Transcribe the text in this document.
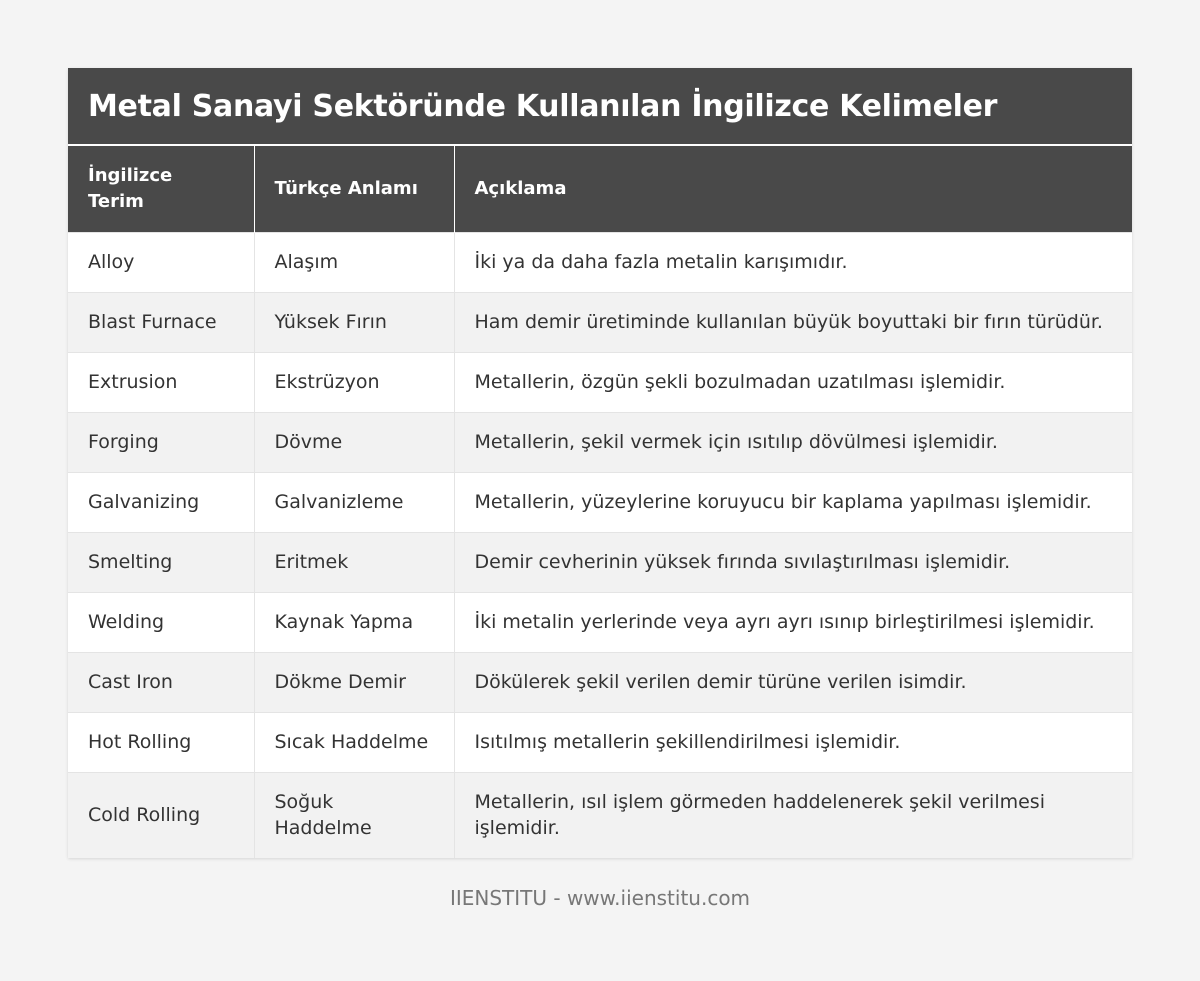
Metal Sanayi Sektöründe Kullanılan İngilizce Kelimeler
İngilizce Terim	Türkçe Anlamı	Açıklama
Alloy	Alaşım	İki ya da daha fazla metalin karışımıdır.
Blast Furnace	Yüksek Fırın	Ham demir üretiminde kullanılan büyük boyuttaki bir fırın türüdür.
Extrusion	Ekstrüzyon	Metallerin, özgün şekli bozulmadan uzatılması işlemidir.
Forging	Dövme	Metallerin, şekil vermek için ısıtılıp dövülmesi işlemidir.
Galvanizing	Galvanizleme	Metallerin, yüzeylerine koruyucu bir kaplama yapılması işlemidir.
Smelting	Eritmek	Demir cevherinin yüksek fırında sıvılaştırılması işlemidir.
Welding	Kaynak Yapma	İki metalin yerlerinde veya ayrı ayrı ısınıp birleştirilmesi işlemidir.
Cast Iron	Dökme Demir	Dökülerek şekil verilen demir türüne verilen isimdir.
Hot Rolling	Sıcak Haddelme	Isıtılmış metallerin şekillendirilmesi işlemidir.
Cold Rolling	Soğuk Haddelme	Metallerin, ısıl işlem görmeden haddelenerek şekil verilmesi işlemidir.
IIENSTITU - www.iienstitu.com
